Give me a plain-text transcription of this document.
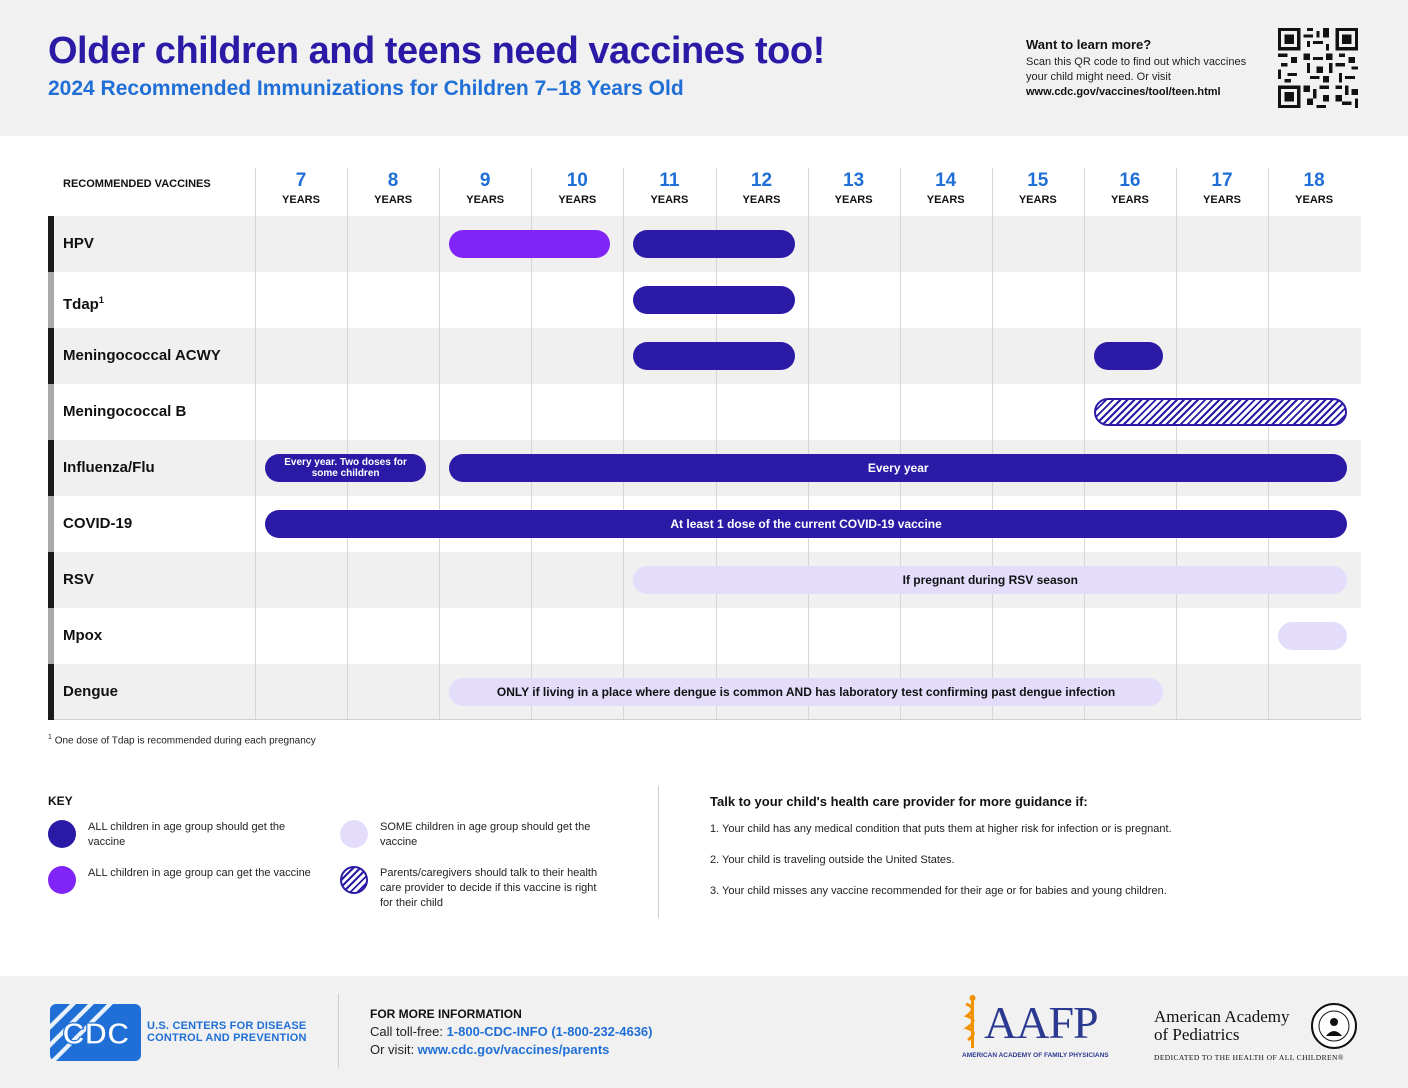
Older children and teens need vaccines too!
2024 Recommended Immunizations for Children 7–18 Years Old
Want to learn more?
Scan this QR code to find out which vaccines your child might need. Or visit
www.cdc.gov/vaccines/tool/teen.html
RECOMMENDED VACCINES	7
YEARS
8
YEARS
9
YEARS
10
YEARS
11
YEARS
12
YEARS
13
YEARS
14
YEARS
15
YEARS
16
YEARS
17
YEARS
18
YEARS
HPV
Tdap$^1$
Meningococcal ACWY
Meningococcal B
Influenza/Flu
COVID-19
RSV
Mpox
Dengue
Every year. Two doses for some children	Every year
At least 1 dose of the current COVID-19 vaccine
If pregnant during RSV season
ONLY if living in a place where dengue is common AND has laboratory test confirming past dengue infection
$^1$ One dose of Tdap is recommended during each pregnancy
KEY
ALL children in age group should get the vaccine
ALL children in age group can get the vaccine
SOME children in age group should get the vaccine
Parents/caregivers should talk to their health care provider to decide if this vaccine is right for their child
Talk to your child's health care provider for more guidance if:
1. Your child has any medical condition that puts them at higher risk for infection or is pregnant.
2. Your child is traveling outside the United States.
3. Your child misses any vaccine recommended for their age or for babies and young children.
CDC U.S. CENTERS FOR DISEASE
CONTROL AND PREVENTION
FOR MORE INFORMATION
Call toll-free: 1-800-CDC-INFO (1-800-232-4636)
Or visit: www.cdc.gov/vaccines/parents
AAFP
AMERICAN ACADEMY OF FAMILY PHYSICIANS
American Academy
of Pediatrics
DEDICATED TO THE HEALTH OF ALL CHILDREN®
